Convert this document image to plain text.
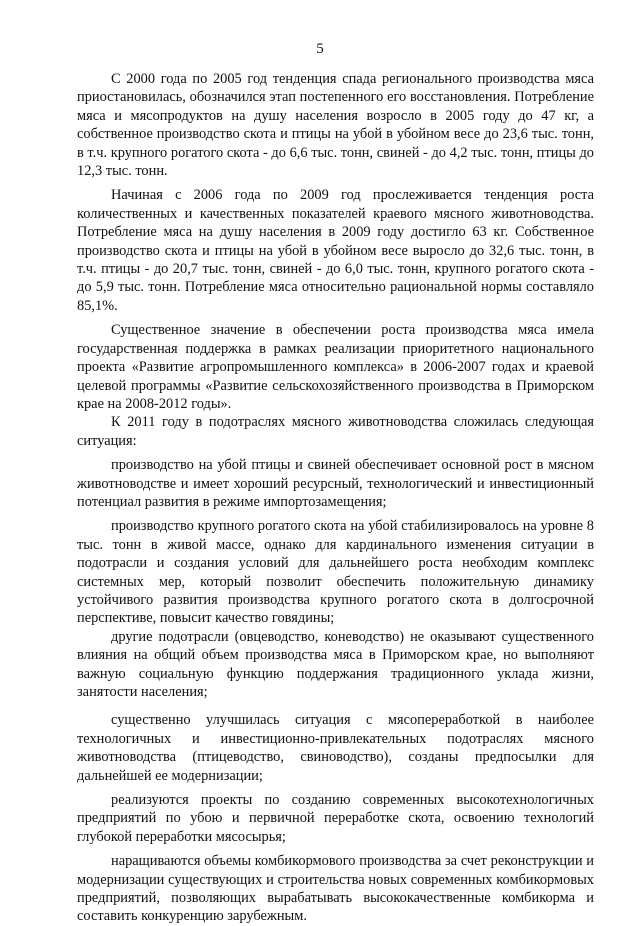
5

С 2000 года по 2005 год тенденция спада регионального производства мяса приостановилась, обозначился этап постепенного его восстановления. Потребление мяса и мясопродуктов на душу населения возросло в 2005 году до 47 кг, а собственное производство скота и птицы на убой в убойном весе до 23,6 тыс. тонн, в т.ч. крупного рогатого скота - до 6,6 тыс. тонн, свиней - до 4,2 тыс. тонн, птицы до 12,3 тыс. тонн.

Начиная с 2006 года по 2009 год прослеживается тенденция роста количественных и качественных показателей краевого мясного животноводства. Потребление мяса на душу населения в 2009 году достигло 63 кг. Собственное производство скота и птицы на убой в убойном весе выросло до 32,6 тыс. тонн, в т.ч. птицы - до 20,7 тыс. тонн, свиней - до 6,0 тыс. тонн, крупного рогатого скота - до 5,9 тыс. тонн. Потребление мяса относительно рациональной нормы составляло 85,1%.

Существенное значение в обеспечении роста производства мяса имела государственная поддержка в рамках реализации приоритетного национального проекта «Развитие агропромышленного комплекса» в 2006-2007 годах и краевой целевой программы «Развитие сельскохозяйственного производства в Приморском крае на 2008-2012 годы».

К 2011 году в подотраслях мясного животноводства сложилась следующая ситуация:

производство на убой птицы и свиней обеспечивает основной рост в мясном животноводстве и имеет хороший ресурсный, технологический и инвестиционный потенциал развития в режиме импортозамещения;

производство крупного рогатого скота на убой стабилизировалось на уровне 8 тыс. тонн в живой массе, однако для кардинального изменения ситуации в подотрасли и создания условий для дальнейшего роста необходим комплекс системных мер, который позволит обеспечить положительную динамику устойчивого развития производства крупного рогатого скота в долгосрочной перспективе, повысит качество говядины;

другие подотрасли (овцеводство, коневодство) не оказывают существенного влияния на общий объем производства мяса в Приморском крае, но выполняют важную социальную функцию поддержания традиционного уклада жизни, занятости населения;

существенно улучшилась ситуация с мясопереработкой в наиболее технологичных и инвестиционно-привлекательных подотраслях мясного животноводства (птицеводство, свиноводство), созданы предпосылки для дальнейшей ее модернизации;

реализуются проекты по созданию современных высокотехнологичных предприятий по убою и первичной переработке скота, освоению технологий глубокой переработки мясосырья;

наращиваются объемы комбикормового производства за счет реконструкции и модернизации существующих и строительства новых современных комбикормовых предприятий, позволяющих вырабатывать высококачественные комбикорма и составить конкуренцию зарубежным.
